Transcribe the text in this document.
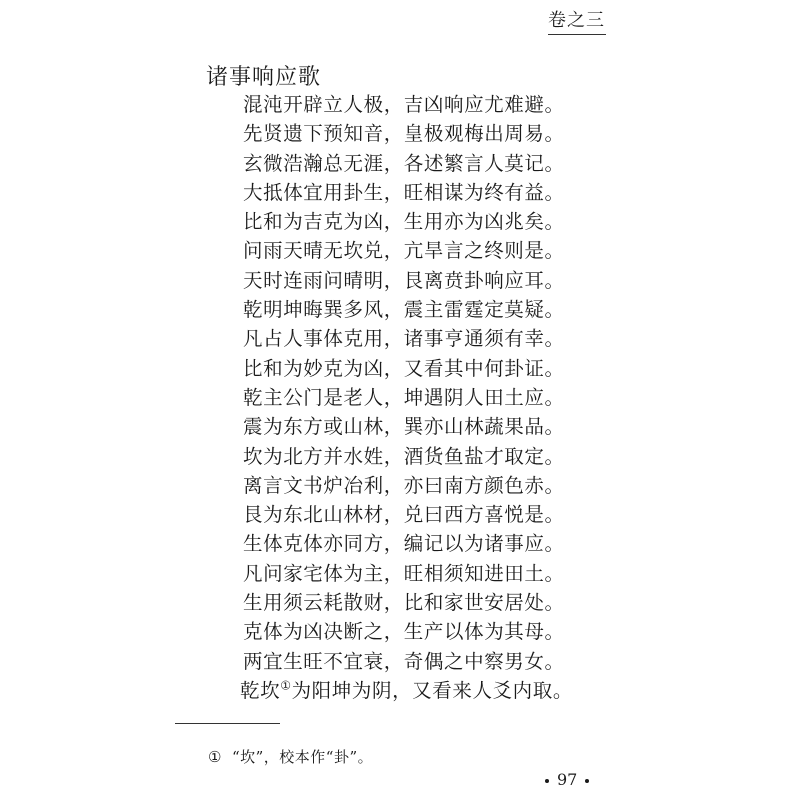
卷之三
诸事响应歌
混沌开辟立人极，吉凶响应尤难避。
先贤遗下预知音，皇极观梅出周易。
玄微浩瀚总无涯，各述繁言人莫记。
大抵体宜用卦生，旺相谋为终有益。
比和为吉克为凶，生用亦为凶兆矣。
问雨天晴无坎兑，亢旱言之终则是。
天时连雨问晴明，艮离贲卦响应耳。
乾明坤晦巽多风，震主雷霆定莫疑。
凡占人事体克用，诸事亨通须有幸。
比和为妙克为凶，又看其中何卦证。
乾主公门是老人，坤遇阴人田土应。
震为东方或山林，巽亦山林蔬果品。
坎为北方并水姓，酒货鱼盐才取定。
离言文书炉冶利，亦曰南方颜色赤。
艮为东北山林材，兑曰西方喜悦是。
生体克体亦同方，编记以为诸事应。
凡问家宅体为主，旺相须知进田土。
生用须云耗散财，比和家世安居处。
克体为凶决断之，生产以体为其母。
两宜生旺不宜衰，奇偶之中察男女。
乾坎①为阳坤为阴，又看来人爻内取。
① “坎”，校本作“卦”。
97
